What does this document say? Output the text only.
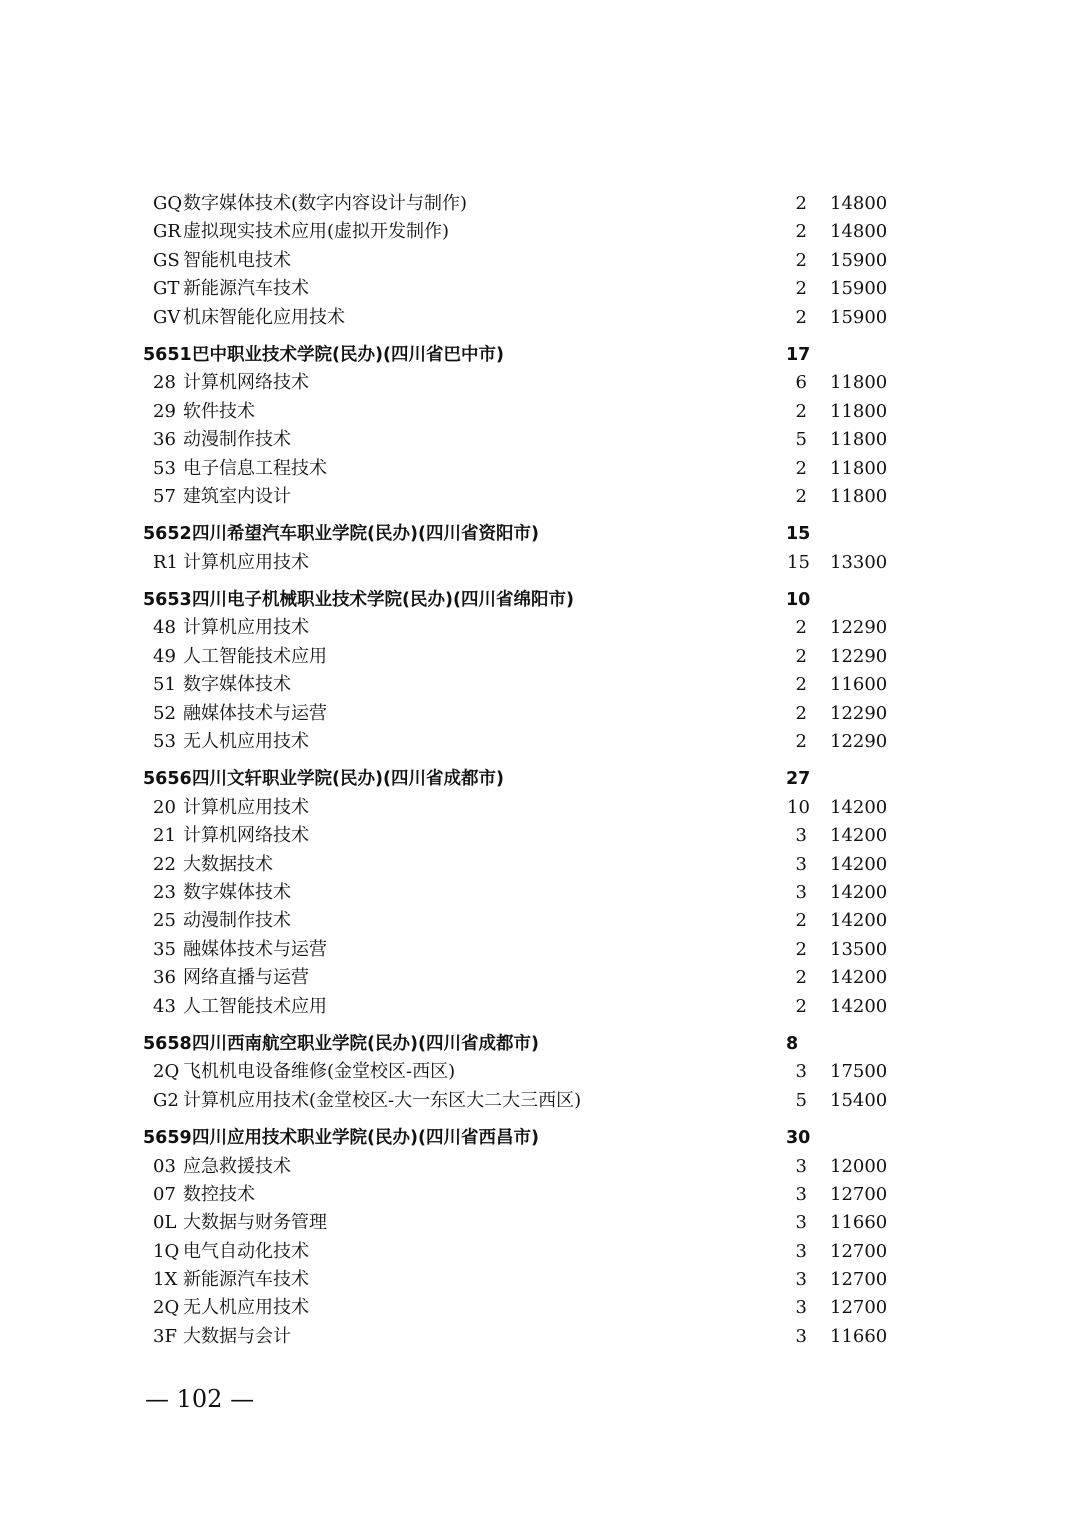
GQ 数字媒体技术(数字内容设计与制作)	2 14800
GR 虚拟现实技术应用(虚拟开发制作)	2 14800
GS 智能机电技术	2 15900
GT 新能源汽车技术	2 15900
GV 机床智能化应用技术	2 15900
5651 巴中职业技术学院(民办)(四川省巴中市)	17
28 计算机网络技术	6 11800
29 软件技术	2 11800
36 动漫制作技术	5 11800
53 电子信息工程技术	2 11800
57 建筑室内设计	2 11800
5652 四川希望汽车职业学院(民办)(四川省资阳市)	15
R1 计算机应用技术	15 13300
5653 四川电子机械职业技术学院(民办)(四川省绵阳市)	10
48 计算机应用技术	2 12290
49 人工智能技术应用	2 12290
51 数字媒体技术	2 11600
52 融媒体技术与运营	2 12290
53 无人机应用技术	2 12290
5656 四川文轩职业学院(民办)(四川省成都市)	27
20 计算机应用技术	10 14200
21 计算机网络技术	3 14200
22 大数据技术	3 14200
23 数字媒体技术	3 14200
25 动漫制作技术	2 14200
35 融媒体技术与运营	2 13500
36 网络直播与运营	2 14200
43 人工智能技术应用	2 14200
5658 四川西南航空职业学院(民办)(四川省成都市)	8
2Q 飞机机电设备维修(金堂校区-西区)	3 17500
G2 计算机应用技术(金堂校区-大一东区大二大三西区)	5 15400
5659 四川应用技术职业学院(民办)(四川省西昌市)	30
03 应急救援技术	3 12000
07 数控技术	3 12700
0L 大数据与财务管理	3 11660
1Q 电气自动化技术	3 12700
1X 新能源汽车技术	3 12700
2Q 无人机应用技术	3 12700
3F 大数据与会计	3 11660
— 102 —
